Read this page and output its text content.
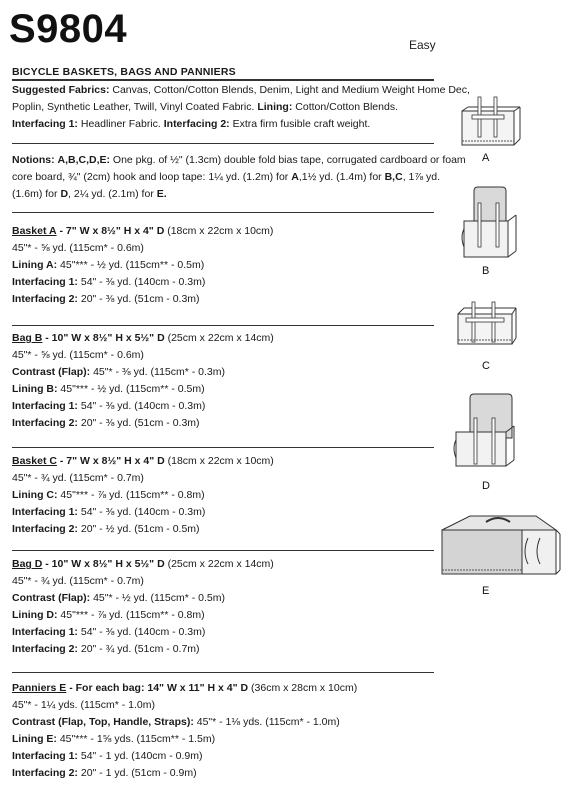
S9804	Easy
BICYCLE BASKETS, BAGS AND PANNIERS

Suggested Fabrics: Canvas, Cotton/Cotton Blends, Denim, Light and Medium Weight Home Dec,

Poplin, Synthetic Leather, Twill, Vinyl Coated Fabric. Lining: Cotton/Cotton Blends.

Interfacing 1: Headliner Fabric. Interfacing 2: Extra firm fusible craft weight.

Notions: A,B,C,D,E: One pkg. of ½" (1.3cm) double fold bias tape, corrugated cardboard or foam

core board, ¾" (2cm) hook and loop tape: 1¼ yd. (1.2m) for A,1½ yd. (1.4m) for B,C, 1⅞ yd.

(1.6m) for D, 2¼ yd. (2.1m) for E.

Basket A - 7" W x 8½" H x 4" D (18cm x 22cm x 10cm)

45"* - ⅝ yd. (115cm* - 0.6m)

Lining A: 45"*** - ½ yd. (115cm** - 0.5m)

Interfacing 1: 54" - ⅜ yd. (140cm - 0.3m)

Interfacing 2: 20" - ⅜ yd. (51cm - 0.3m)

Bag B - 10" W x 8½" H x 5½" D (25cm x 22cm x 14cm)

45"* - ⅝ yd. (115cm* - 0.6m)

Contrast (Flap): 45"* - ⅜ yd. (115cm* - 0.3m)

Lining B: 45"*** - ½ yd. (115cm** - 0.5m)

Interfacing 1: 54" - ⅜ yd. (140cm - 0.3m)

Interfacing 2: 20" - ⅜ yd. (51cm - 0.3m)

Basket C - 7" W x 8½" H x 4" D (18cm x 22cm x 10cm)

45"* - ¾ yd. (115cm* - 0.7m)

Lining C: 45"*** - ⅞ yd. (115cm** - 0.8m)

Interfacing 1: 54" - ⅜ yd. (140cm - 0.3m)

Interfacing 2: 20" - ½ yd. (51cm - 0.5m)

Bag D - 10" W x 8½" H x 5½" D (25cm x 22cm x 14cm)

45"* - ¾ yd. (115cm* - 0.7m)

Contrast (Flap): 45"* - ½ yd. (115cm* - 0.5m)

Lining D: 45"*** - ⅞ yd. (115cm** - 0.8m)

Interfacing 1: 54" - ⅜ yd. (140cm - 0.3m)

Interfacing 2: 20" - ¾ yd. (51cm - 0.7m)

Panniers E - For each bag: 14" W x 11" H x 4" D (36cm x 28cm x 10cm)

45"* - 1¼ yds. (115cm* - 1.0m)

Contrast (Flap, Top, Handle, Straps): 45"* - 1⅛ yds. (115cm* - 1.0m)

Lining E: 45"*** - 1⅝ yds. (115cm** - 1.5m)

Interfacing 1: 54" - 1 yd. (140cm - 0.9m)

Interfacing 2: 20" - 1 yd. (51cm - 0.9m)

A
B
C
D
E
